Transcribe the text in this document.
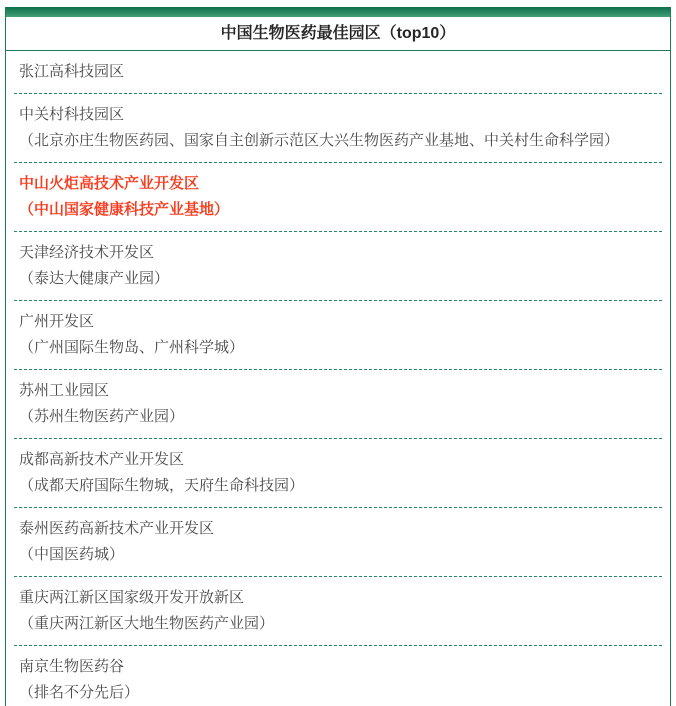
中国生物医药最佳园区（top10）
张江高科技园区
中关村科技园区
（北京亦庄生物医药园、国家自主创新示范区大兴生物医药产业基地、中关村生命科学园）
中山火炬高技术产业开发区
（中山国家健康科技产业基地）
天津经济技术开发区
（泰达大健康产业园）
广州开发区
（广州国际生物岛、广州科学城）
苏州工业园区
（苏州生物医药产业园）
成都高新技术产业开发区
（成都天府国际生物城，天府生命科技园）
泰州医药高新技术产业开发区
（中国医药城）
重庆两江新区国家级开发开放新区
（重庆两江新区大地生物医药产业园）
南京生物医药谷
（排名不分先后）
